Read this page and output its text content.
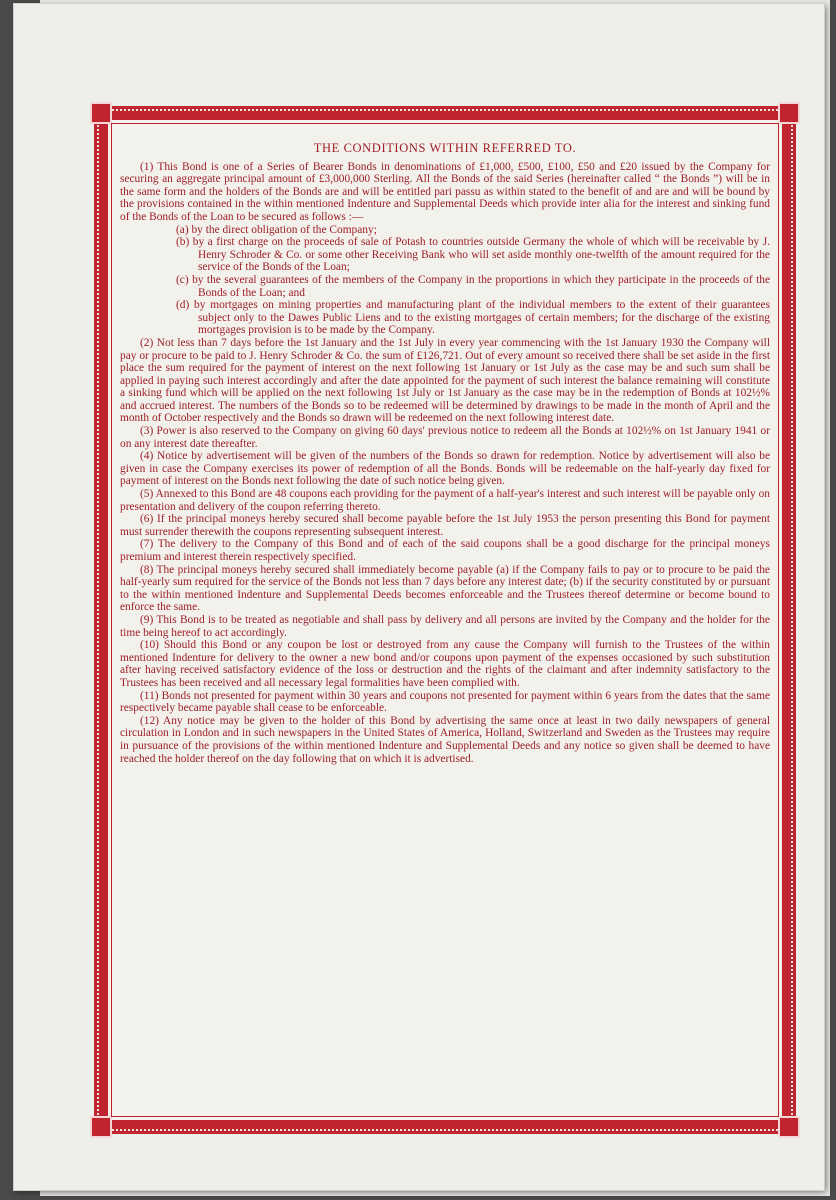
THE CONDITIONS WITHIN REFERRED TO.

(1) This Bond is one of a Series of Bearer Bonds in denominations of £1,000, £500, £100, £50 and £20 issued by the Company for securing an aggregate principal amount of £3,000,000 Sterling. All the Bonds of the said Series (hereinafter called “ the Bonds ”) will be in the same form and the holders of the Bonds are and will be entitled pari passu as within stated to the benefit of and are and will be bound by the provisions contained in the within mentioned Indenture and Supplemental Deeds which provide inter alia for the interest and sinking fund of the Bonds of the Loan to be secured as follows :—

(a) by the direct obligation of the Company;
(b) by a first charge on the proceeds of sale of Potash to countries outside Germany the whole of which will be receivable by J. Henry Schroder & Co. or some other Receiving Bank who will set aside monthly one-twelfth of the amount required for the service of the Bonds of the Loan;
(c) by the several guarantees of the members of the Company in the proportions in which they participate in the proceeds of the Bonds of the Loan; and
(d) by mortgages on mining properties and manufacturing plant of the individual members to the extent of their guarantees subject only to the Dawes Public Liens and to the existing mortgages of certain members; for the discharge of the existing mortgages provision is to be made by the Company.

(2) Not less than 7 days before the 1st January and the 1st July in every year commencing with the 1st January 1930 the Company will pay or procure to be paid to J. Henry Schroder & Co. the sum of £126,721. Out of every amount so received there shall be set aside in the first place the sum required for the payment of interest on the next following 1st January or 1st July as the case may be and such sum shall be applied in paying such interest accordingly and after the date appointed for the payment of such interest the balance remaining will constitute a sinking fund which will be applied on the next following 1st July or 1st January as the case may be in the redemption of Bonds at 102½% and accrued interest. The numbers of the Bonds so to be redeemed will be determined by drawings to be made in the month of April and the month of October respectively and the Bonds so drawn will be redeemed on the next following interest date.

(3) Power is also reserved to the Company on giving 60 days' previous notice to redeem all the Bonds at 102½% on 1st January 1941 or on any interest date thereafter.

(4) Notice by advertisement will be given of the numbers of the Bonds so drawn for redemption. Notice by advertisement will also be given in case the Company exercises its power of redemption of all the Bonds. Bonds will be redeemable on the half-yearly day fixed for payment of interest on the Bonds next following the date of such notice being given.

(5) Annexed to this Bond are 48 coupons each providing for the payment of a half-year's interest and such interest will be payable only on presentation and delivery of the coupon referring thereto.

(6) If the principal moneys hereby secured shall become payable before the 1st July 1953 the person presenting this Bond for payment must surrender therewith the coupons representing subsequent interest.

(7) The delivery to the Company of this Bond and of each of the said coupons shall be a good discharge for the principal moneys premium and interest therein respectively specified.

(8) The principal moneys hereby secured shall immediately become payable (a) if the Company fails to pay or to procure to be paid the half-yearly sum required for the service of the Bonds not less than 7 days before any interest date; (b) if the security constituted by or pursuant to the within mentioned Indenture and Supplemental Deeds becomes enforceable and the Trustees thereof determine or become bound to enforce the same.

(9) This Bond is to be treated as negotiable and shall pass by delivery and all persons are invited by the Company and the holder for the time being hereof to act accordingly.

(10) Should this Bond or any coupon be lost or destroyed from any cause the Company will furnish to the Trustees of the within mentioned Indenture for delivery to the owner a new bond and/or coupons upon payment of the expenses occasioned by such substitution after having received satisfactory evidence of the loss or destruction and the rights of the claimant and after indemnity satisfactory to the Trustees has been received and all necessary legal formalities have been complied with.

(11) Bonds not presented for payment within 30 years and coupons not presented for payment within 6 years from the dates that the same respectively became payable shall cease to be enforceable.

(12) Any notice may be given to the holder of this Bond by advertising the same once at least in two daily newspapers of general circulation in London and in such newspapers in the United States of America, Holland, Switzerland and Sweden as the Trustees may require in pursuance of the provisions of the within mentioned Indenture and Supplemental Deeds and any notice so given shall be deemed to have reached the holder thereof on the day following that on which it is advertised.
